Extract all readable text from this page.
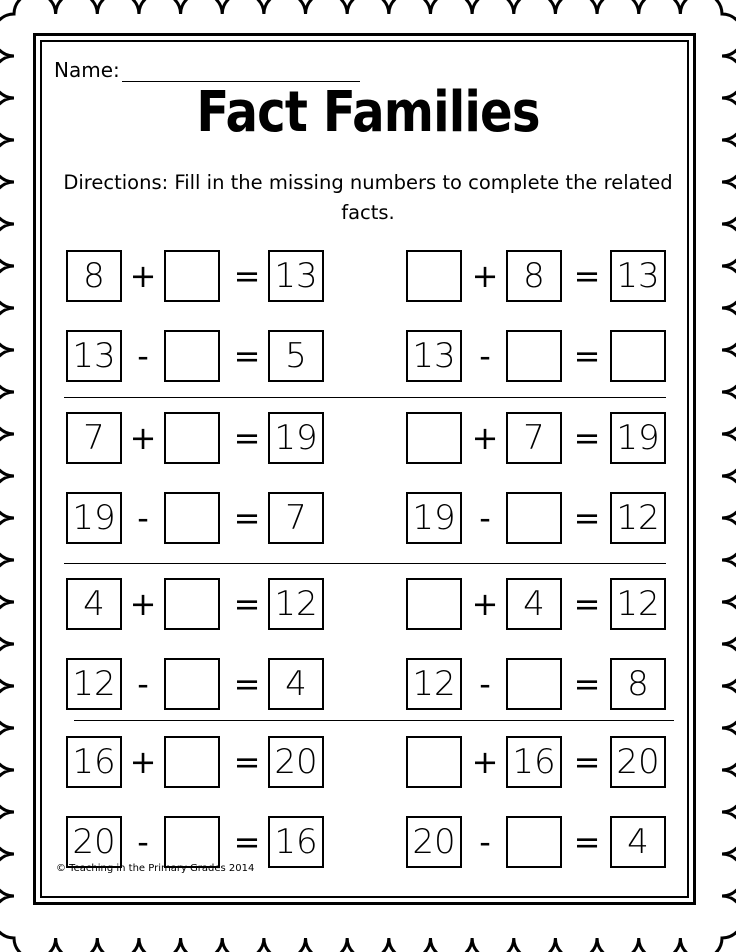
Name:
Fact Families
Directions: Fill in the missing numbers to complete the related facts.
8 + = 13	+ 8 = 13
13 -	= 5	13 -	=
7 + = 19	+ 7 = 19
19 -	= 7	19 -	= 12
4 + = 12	+ 4 = 12
12 -	= 4	12 -	= 8
16 + = 20	+ 16 = 20
20 -	= 16	20 -	= 4
© Teaching in the Primary Grades 2014
